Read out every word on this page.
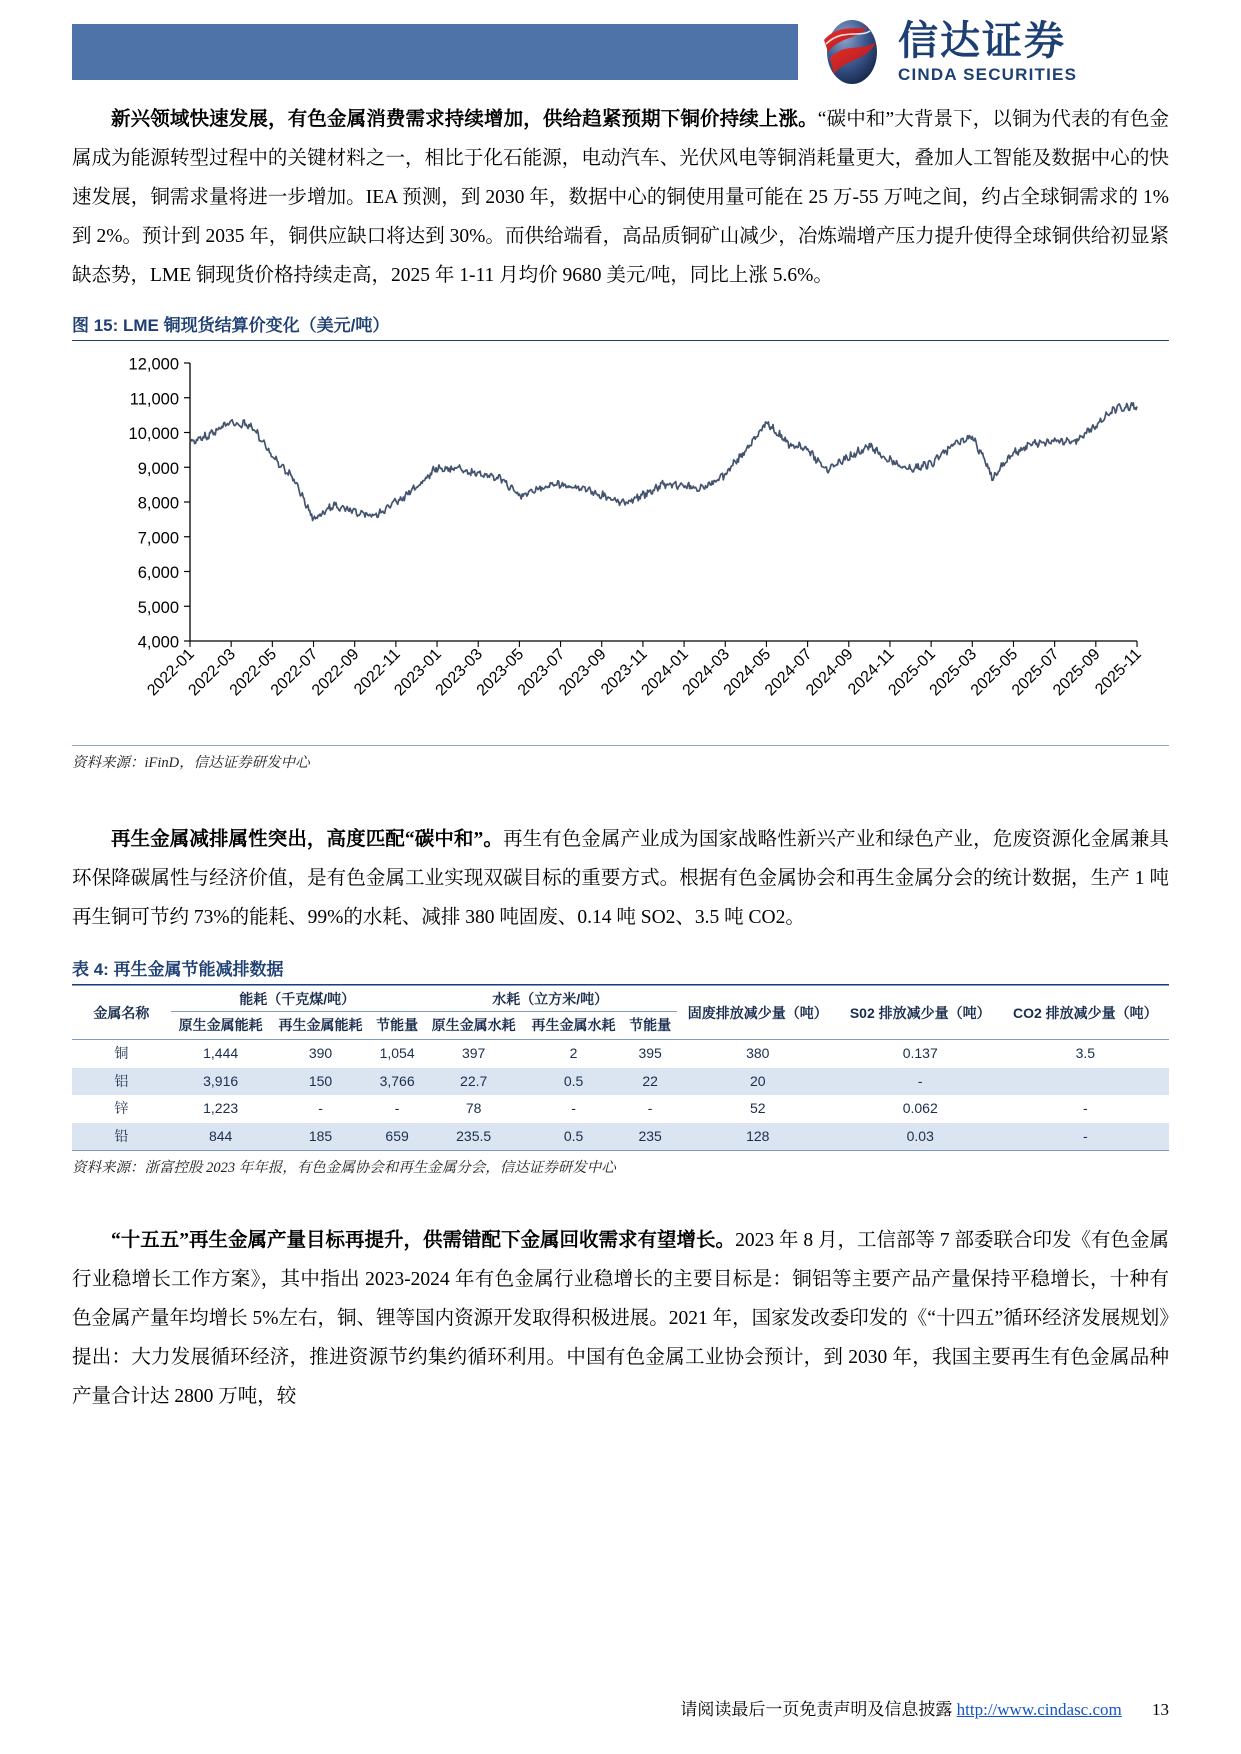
信达证券
CINDA SECURITIES

新兴领域快速发展，有色金属消费需求持续增加，供给趋紧预期下铜价持续上涨。“碳中和”大背景下，以铜为代表的有色金属成为能源转型过程中的关键材料之一，相比于化石能源，电动汽车、光伏风电等铜消耗量更大，叠加人工智能及数据中心的快速发展，铜需求量将进一步增加。IEA 预测，到 2030 年，数据中心的铜使用量可能在 25 万-55 万吨之间，约占全球铜需求的 1%到 2%。预计到 2035 年，铜供应缺口将达到 30%。而供给端看，高品质铜矿山减少，冶炼端增产压力提升使得全球铜供给初显紧缺态势，LME 铜现货价格持续走高，2025 年 1-11 月均价 9680 美元/吨，同比上涨 5.6%。

图 15: LME 铜现货结算价变化（美元/吨）
12,000
11,000
10,000
9,000
8,000
7,000
6,000
5,000
4,000
2022-01
2022-03
2022-05
2022-07
2022-09
2022-11
2023-01
2023-03
2023-05
2023-07
2023-09
2023-11
2024-01
2024-03
2024-05
2024-07
2024-09
2024-11
2025-01
2025-03
2025-05
2025-07
2025-09
2025-11
资料来源：iFinD，信达证券研发中心

再生金属减排属性突出，高度匹配“碳中和”。再生有色金属产业成为国家战略性新兴产业和绿色产业，危废资源化金属兼具环保降碳属性与经济价值，是有色金属工业实现双碳目标的重要方式。根据有色金属协会和再生金属分会的统计数据，生产 1 吨再生铜可节约 73%的能耗、99%的水耗、减排 380 吨固废、0.14 吨 SO2、3.5 吨 CO2。

表 4: 再生金属节能减排数据
金属名称	能耗（千克煤/吨）			水耗（立方米/吨）			固废排放减少量（吨）	S02 排放减少量（吨）	CO2 排放减少量（吨）
	原生金属能耗	再生金属能耗	节能量	原生金属水耗	再生金属水耗	节能量			
铜	1,444	390	1,054	397	2	395	380	0.137	3.5
铝	3,916	150	3,766	22.7	0.5	22	20	-	
锌	1,223	-	-	78	-	-	52	0.062	-
铅	844	185	659	235.5	0.5	235	128	0.03	-
资料来源：浙富控股 2023 年年报，有色金属协会和再生金属分会，信达证券研发中心

“十五五”再生金属产量目标再提升，供需错配下金属回收需求有望增长。2023 年 8 月，工信部等 7 部委联合印发《有色金属行业稳增长工作方案》，其中指出 2023-2024 年有色金属行业稳增长的主要目标是：铜铝等主要产品产量保持平稳增长，十种有色金属产量年均增长 5%左右，铜、锂等国内资源开发取得积极进展。2021 年，国家发改委印发的《“十四五”循环经济发展规划》提出：大力发展循环经济，推进资源节约集约循环利用。中国有色金属工业协会预计，到 2030 年，我国主要再生有色金属品种产量合计达 2800 万吨，较

请阅读最后一页免责声明及信息披露 http://www.cindasc.com 13
